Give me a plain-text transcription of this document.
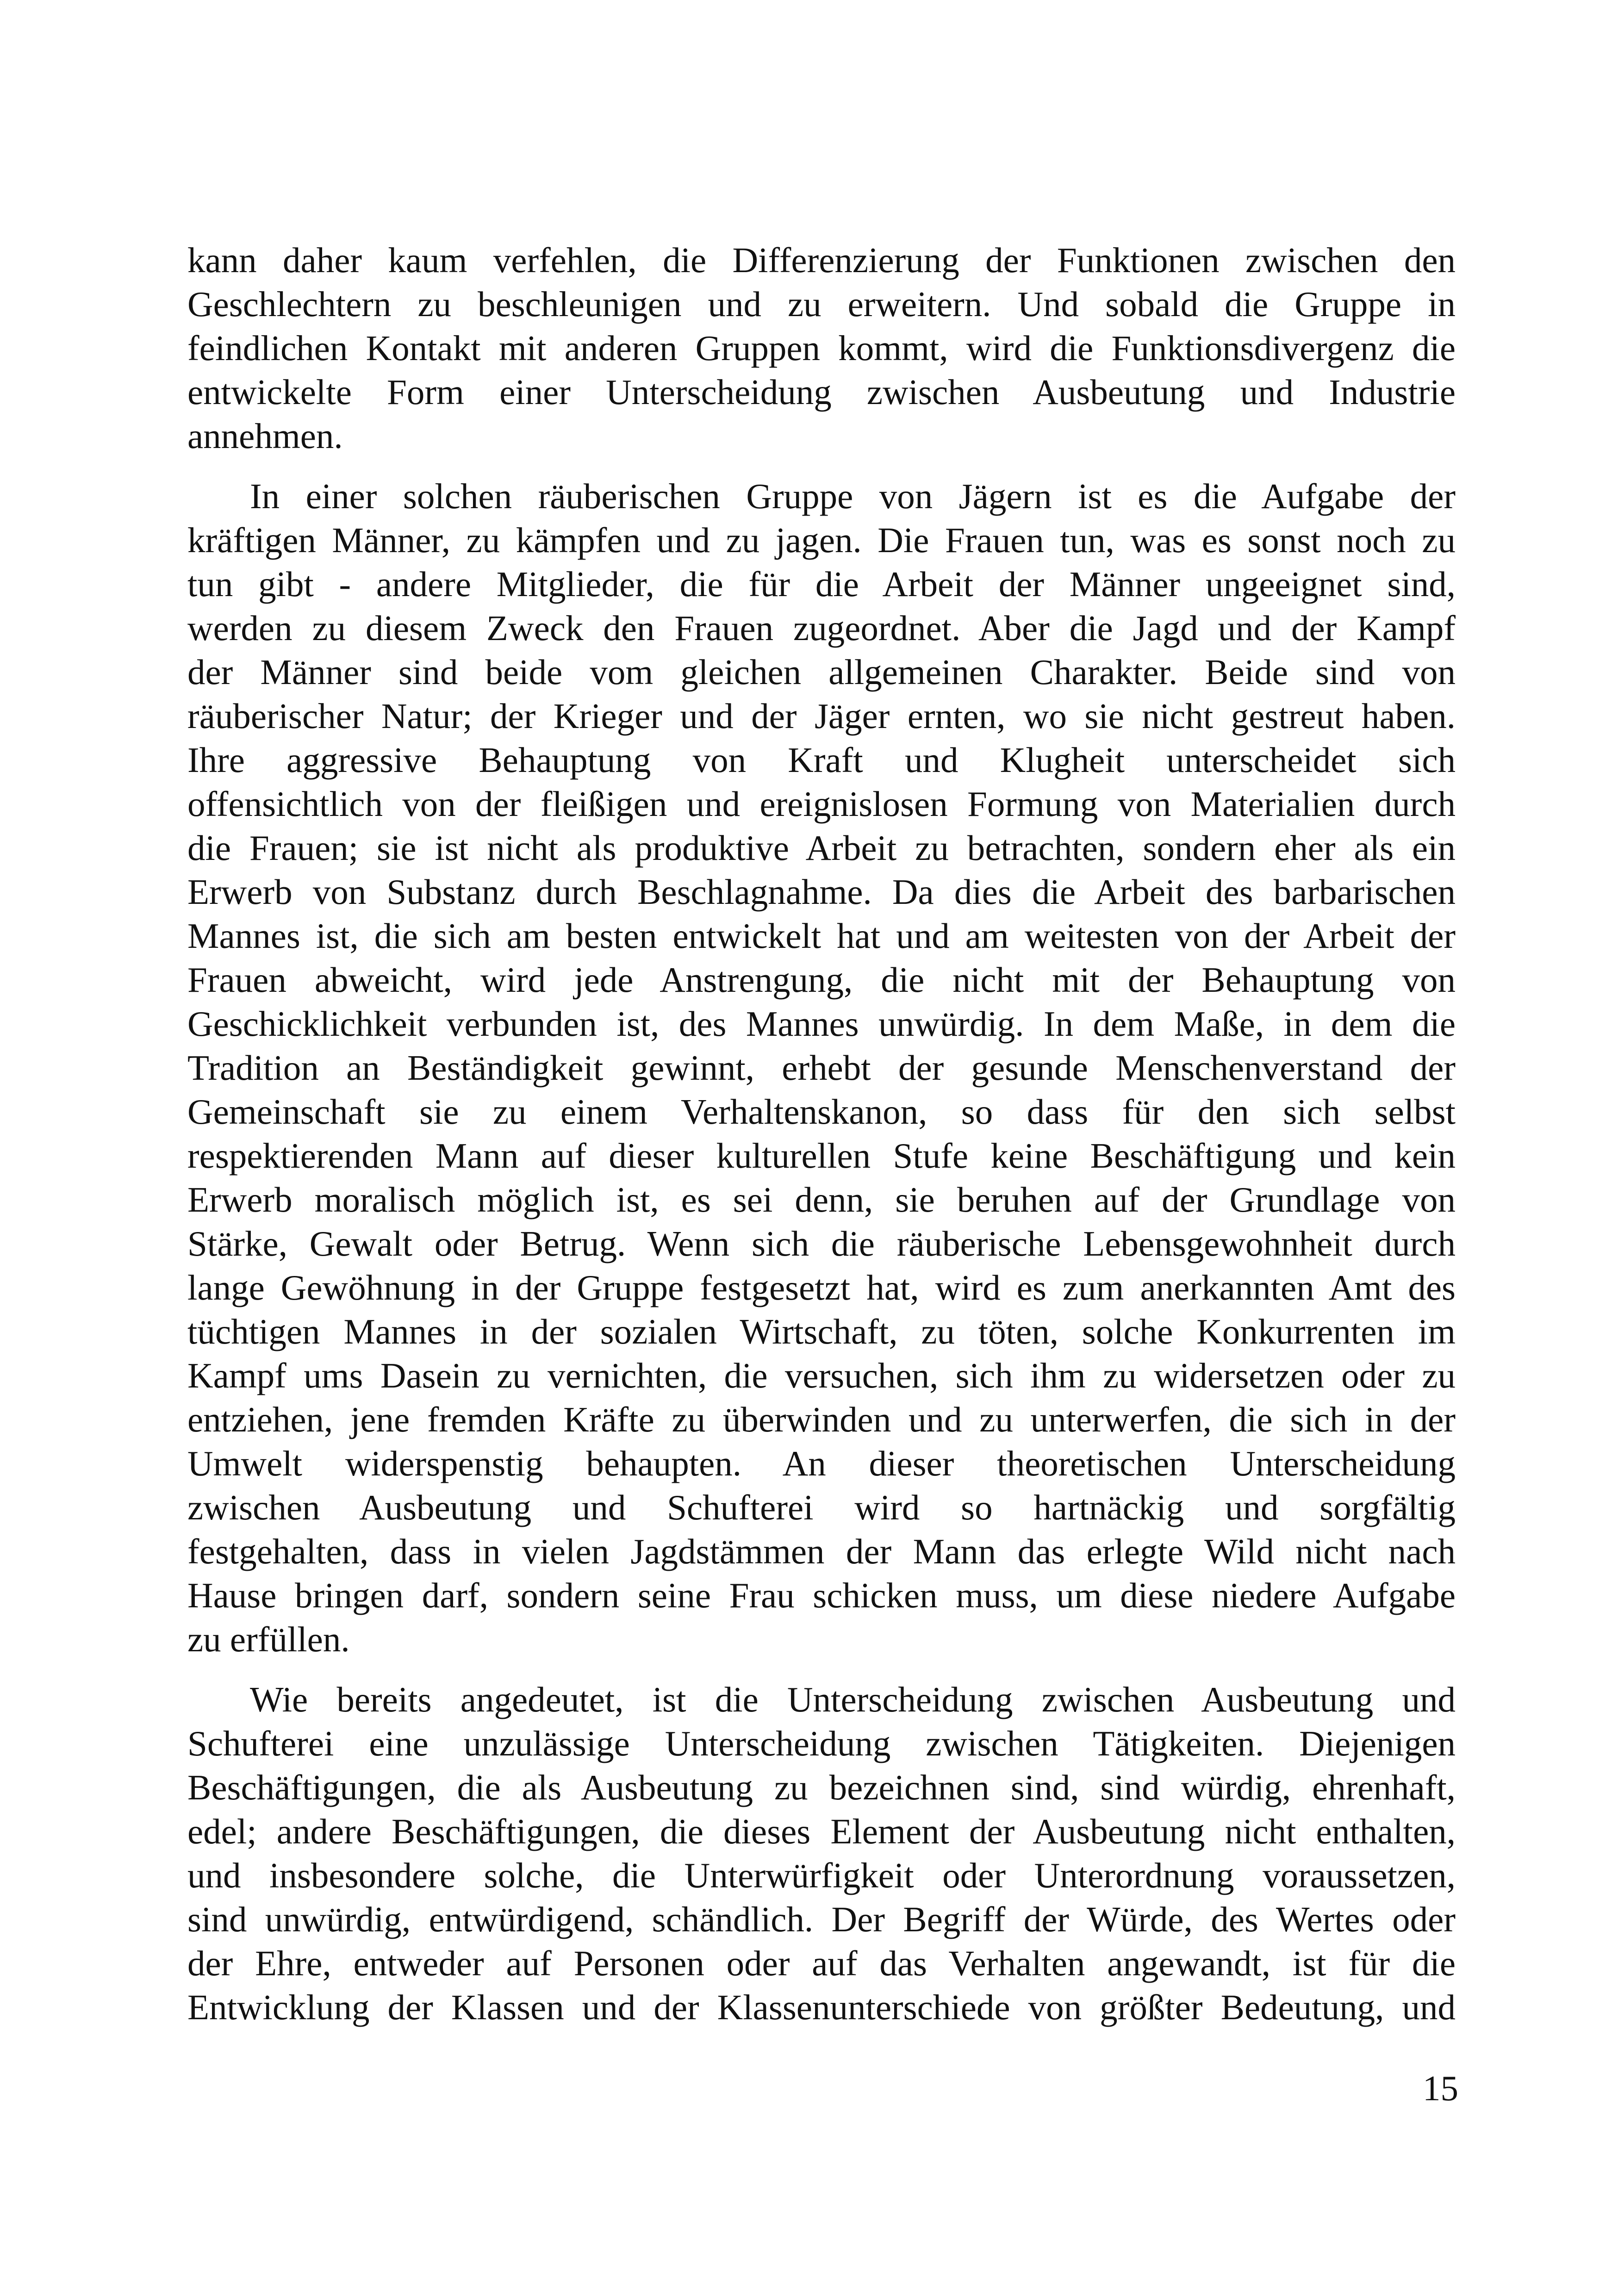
kann daher kaum verfehlen, die Differenzierung der Funktionen zwischen den
Geschlechtern zu beschleunigen und zu erweitern. Und sobald die Gruppe in
feindlichen Kontakt mit anderen Gruppen kommt, wird die Funktionsdivergenz die
entwickelte Form einer Unterscheidung zwischen Ausbeutung und Industrie
annehmen.

In einer solchen räuberischen Gruppe von Jägern ist es die Aufgabe der
kräftigen Männer, zu kämpfen und zu jagen. Die Frauen tun, was es sonst noch zu
tun gibt - andere Mitglieder, die für die Arbeit der Männer ungeeignet sind,
werden zu diesem Zweck den Frauen zugeordnet. Aber die Jagd und der Kampf
der Männer sind beide vom gleichen allgemeinen Charakter. Beide sind von
räuberischer Natur; der Krieger und der Jäger ernten, wo sie nicht gestreut haben.
Ihre aggressive Behauptung von Kraft und Klugheit unterscheidet sich
offensichtlich von der fleißigen und ereignislosen Formung von Materialien durch
die Frauen; sie ist nicht als produktive Arbeit zu betrachten, sondern eher als ein
Erwerb von Substanz durch Beschlagnahme. Da dies die Arbeit des barbarischen
Mannes ist, die sich am besten entwickelt hat und am weitesten von der Arbeit der
Frauen abweicht, wird jede Anstrengung, die nicht mit der Behauptung von
Geschicklichkeit verbunden ist, des Mannes unwürdig. In dem Maße, in dem die
Tradition an Beständigkeit gewinnt, erhebt der gesunde Menschenverstand der
Gemeinschaft sie zu einem Verhaltenskanon, so dass für den sich selbst
respektierenden Mann auf dieser kulturellen Stufe keine Beschäftigung und kein
Erwerb moralisch möglich ist, es sei denn, sie beruhen auf der Grundlage von
Stärke, Gewalt oder Betrug. Wenn sich die räuberische Lebensgewohnheit durch
lange Gewöhnung in der Gruppe festgesetzt hat, wird es zum anerkannten Amt des
tüchtigen Mannes in der sozialen Wirtschaft, zu töten, solche Konkurrenten im
Kampf ums Dasein zu vernichten, die versuchen, sich ihm zu widersetzen oder zu
entziehen, jene fremden Kräfte zu überwinden und zu unterwerfen, die sich in der
Umwelt widerspenstig behaupten. An dieser theoretischen Unterscheidung
zwischen Ausbeutung und Schufterei wird so hartnäckig und sorgfältig
festgehalten, dass in vielen Jagdstämmen der Mann das erlegte Wild nicht nach
Hause bringen darf, sondern seine Frau schicken muss, um diese niedere Aufgabe
zu erfüllen.

Wie bereits angedeutet, ist die Unterscheidung zwischen Ausbeutung und
Schufterei eine unzulässige Unterscheidung zwischen Tätigkeiten. Diejenigen
Beschäftigungen, die als Ausbeutung zu bezeichnen sind, sind würdig, ehrenhaft,
edel; andere Beschäftigungen, die dieses Element der Ausbeutung nicht enthalten,
und insbesondere solche, die Unterwürfigkeit oder Unterordnung voraussetzen,
sind unwürdig, entwürdigend, schändlich. Der Begriff der Würde, des Wertes oder
der Ehre, entweder auf Personen oder auf das Verhalten angewandt, ist für die
Entwicklung der Klassen und der Klassenunterschiede von größter Bedeutung, und

15
